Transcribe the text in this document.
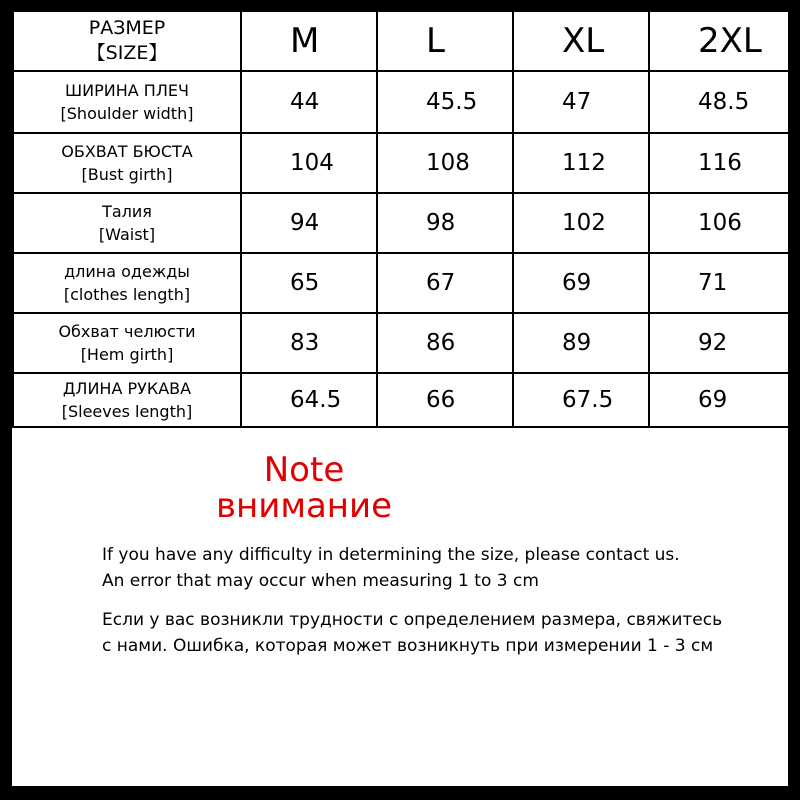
РАЗМЕР
【SIZE】	M	L	XL	2XL

ШИРИНА ПЛЕЧ
[Shoulder width]	44	45.5	47	48.5

ОБХВАТ БЮСТА
[Bust girth]	104	108	112	116

Талия
[Waist]	94	98	102	106

длина одежды
[clothes length]	65	67	69	71

Обхват челюсти
[Hem girth]	83	86	89	92

ДЛИНА РУКАВА
[Sleeves length]	64.5	66	67.5	69
Note
внимание
If you have any difficulty in determining the size, please contact us.
An error that may occur when measuring 1 to 3 cm
Если у вас возникли трудности с определением размера, свяжитесь
с нами. Ошибка, которая может возникнуть при измерении 1 - 3 см
